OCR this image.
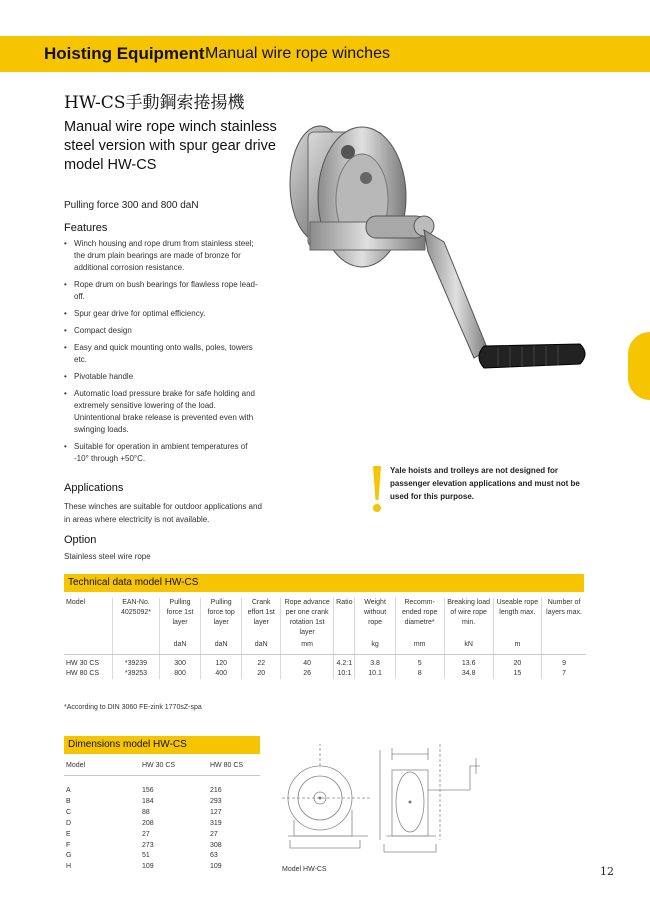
Hoisting Equipment Manual wire rope winches
HW-CS手動鋼索捲揚機
Manual wire rope winch stainless steel version with spur gear drive model HW-CS
Pulling force 300 and 800 daN
Features
• Winch housing and rope drum from stainless steel; the drum plain bearings are made of bronze for additional corrosion resistance.
• Rope drum on bush bearings for flawless rope lead-off.
• Spur gear drive for optimal efficiency.
• Compact design
• Easy and quick mounting onto walls, poles, towers etc.
• Pivotable handle
• Automatic load pressure brake for safe holding and extremely sensitive lowering of the load. Unintentional brake release is prevented even with swinging loads.
• Suitable for operation in ambient temperatures of -10° through +50°C.
Applications
These winches are suitable for outdoor applications and in areas where electricity is not available.
Option
Stainless steel wire rope
Yale hoists and trolleys are not designed for passenger elevation applications and must not be used for this purpose.
Technical data model HW-CS
Model	EAN-No. 4025092*	Pulling force 1st layer	Pulling force top layer	Crank effort 1st layer	Rope advance per one crank rotation 1st layer	Ratio	Weight without rope	Recomm-ended rope diametre*	Breaking load of wire rope min.	Useable rope length max.	Number of layers max.
		daN	daN	daN	mm		kg	mm	kN	m	
HW 30 CS	*39239	300	120	22	40	4.2:1	3.8	5	13.6	20	9
HW 80 CS	*39253	800	400	20	26	10:1	10.1	8	34.8	15	7
*According to DIN 3060 FE-zink 1770sZ-spa
Dimensions model HW-CS
Model	HW 30 CS	HW 80 CS
A	156	216
B	184	293
C	88	127
D	208	319
E	27	27
F	273	308
G	51	63
H	109	109	Model HW-CS	12
